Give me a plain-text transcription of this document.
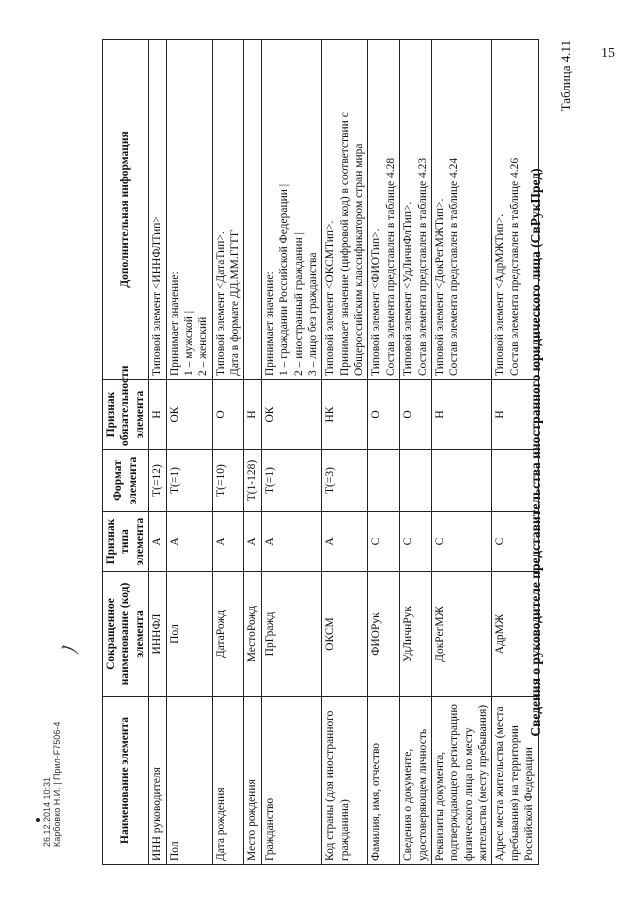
15
Таблица 4.11
Сведения о руководителе представительства иностранного юридического лица (СвРукПред)
26.12.2014 10:31 Карбовко Н.И. | Прил-F7506-4
ﾉ
Наименование элемента	Сокращенное наименование (код) элемента	Признак типа элемента	Формат элемента	Признак обязательности элемента	Дополнительная информация
ИНН руководителя	ИННФЛ	А	T(=12)	Н	Типовой элемент <ИННФЛТип>
Пол	Пол	А	T(=1)	ОК	Принимает значение:
1 – мужской |
2 – женский
Дата рождения	ДатаРожд	А	T(=10)	О	Типовой элемент <ДатаТип>.
Дата в формате ДД.ММ.ГГГГ
Место рождения	МестоРожд	А	T(1-128)	Н	
Гражданство	ПрГражд	А	T(=1)	ОК	Принимает значение:
1 – граждании Российской Федерации |
2 – иностранный гражданин |
3 – лицо без гражданства
Код страны (для иностранного гражданина)	ОКСМ	А	T(=3)	НК	Типовой элемент <ОКСМТип>.
Принимает значение (цифровой код) в соответствии с Общероссийским классификатором стран мира
Фамилия, имя, отчество	ФИОРук	С		О	Типовой элемент <ФИОТип>.
Состав элемента представлен в таблице 4.28
Сведения о документе, удостоверяющем личность	УдЛичнРук	С		О	Типовой элемент <УдЛичнФлТип>.
Состав элемента представлен в таблице 4.23
Реквизиты документа, подтверждающего регистрацию физического лица по месту жительства (месту пребывания)	ДокРегМЖ	С		Н	Типовой элемент <ДокРегМЖТип>.
Состав элемента представлен в таблице 4.24
Адрес места жительства (места пребывания) на территории Российской Федерации	АдрМЖ	С		Н	Типовой элемент <АдрМЖТип>.
Состав элемента представлен в таблице 4.26
